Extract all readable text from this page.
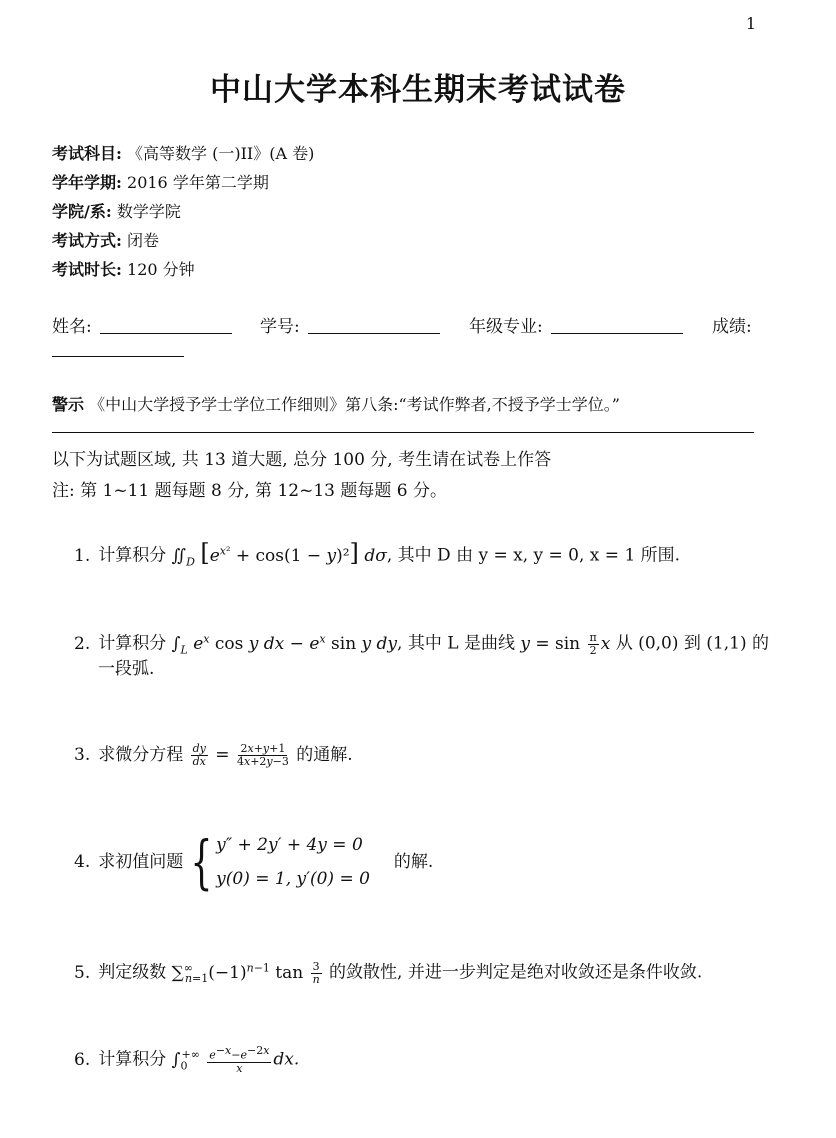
1
中山大学本科生期末考试试卷
考试科目: 《高等数学 (一)II》(A 卷)
学年学期: 2016 学年第二学期
学院/系: 数学学院
考试方式: 闭卷
考试时长: 120 分钟
姓名:	学号:	年级专业:	成绩:
警示 《中山大学授予学士学位工作细则》第八条:“考试作弊者,不授予学士学位。”
以下为试题区域, 共 13 道大题, 总分 100 分, 考生请在试卷上作答
注: 第 1~11 题每题 8 分, 第 12~13 题每题 6 分。
1. 计算积分 $∬_D$ $[e^{x^2} + \cos(1 - y)^2]$ dσ, 其中 D 由 y = x, y = 0, x = 1 所围.
2. 计算积分 $\int_L$ $e^x$ cos y dx − $e^x$ sin y dy, 其中 L 是曲线 $y = \sin \frac{\pi}{2}$ x 从 (0,0) 到 (1,1) 的
一段弧.
3. 求微分方程 $\frac{dy}{dx} = \frac{2x+y+1}{4x+2y-3}$ 的通解.
4. 求初值问题 { y″ + 2y′ + 4y = 0
y(0) = 1, y′(0) = 0
的解.
5. 判定级数 $\sum^\infty_{n=1}(-1)^{n-1}$ $\tan \frac{3}{n}$ 的敛散性, 并进一步判定是绝对收敛还是条件收敛.
6. 计算积分 $\int_0^{+\infty} \frac{e^{-x}-e^{-2x}}{x}$ dx.
